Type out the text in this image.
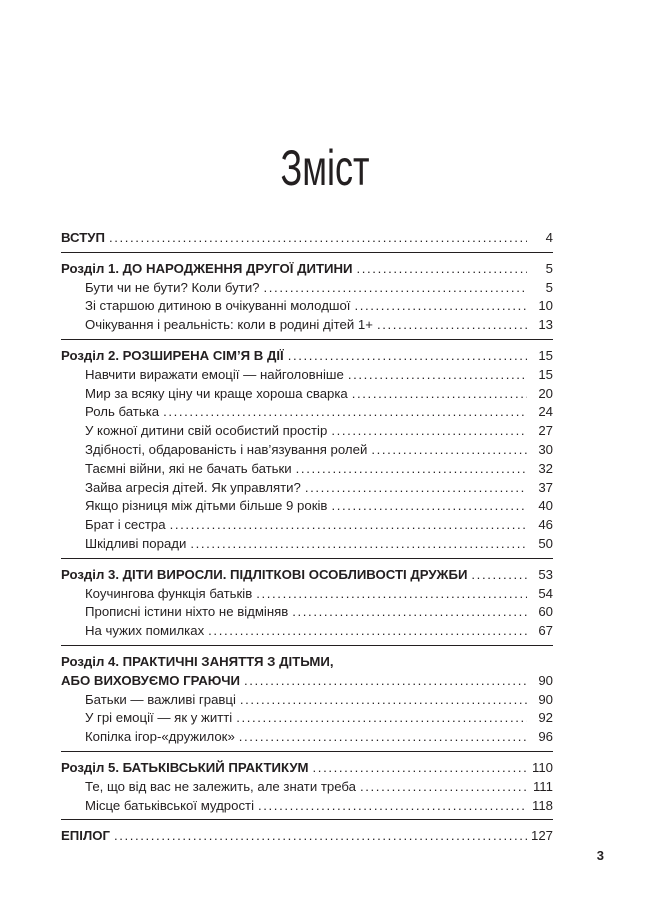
Зміст
ВСТУП .....	4
Розділ 1. ДО НАРОДЖЕННЯ ДРУГОЇ ДИТИНИ .....	5
Бути чи не бути? Коли бути? .....	5
Зі старшою дитиною в очікуванні молодшої .....	10
Очікування і реальність: коли в родині дітей 1+ .....	13
Розділ 2. РОЗШИРЕНА СІМ’Я В ДІЇ .....	15
Навчити виражати емоції — найголовніше .....	15
Мир за всяку ціну чи краще хороша сварка .....	20
Роль батька .....	24
У кожної дитини свій особистий простір .....	27
Здібності, обдарованість і нав’язування ролей .....	30
Таємні війни, які не бачать батьки .....	32
Зайва агресія дітей. Як управляти? .....	37
Якщо різниця між дітьми більше 9 років .....	40
Брат і сестра .....	46
Шкідливі поради .....	50
Розділ 3. ДІТИ ВИРОСЛИ. ПІДЛІТКОВІ ОСОБЛИВОСТІ ДРУЖБИ .....	53
Коучингова функція батьків .....	54
Прописні істини ніхто не відміняв .....	60
На чужих помилках .....	67
Розділ 4. ПРАКТИЧНІ ЗАНЯТТЯ З ДІТЬМИ,
АБО ВИХОВУЄМО ГРАЮЧИ .....	90
Батьки — важливі гравці .....	90
У грі емоції — як у житті .....	92
Копілка ігор-«дружилок» .....	96
Розділ 5. БАТЬКІВСЬКИЙ ПРАКТИКУМ .....	110
Те, що від вас не залежить, але знати треба .....	111
Місце батьківської мудрості .....	118
ЕПІЛОГ .....	127
3
